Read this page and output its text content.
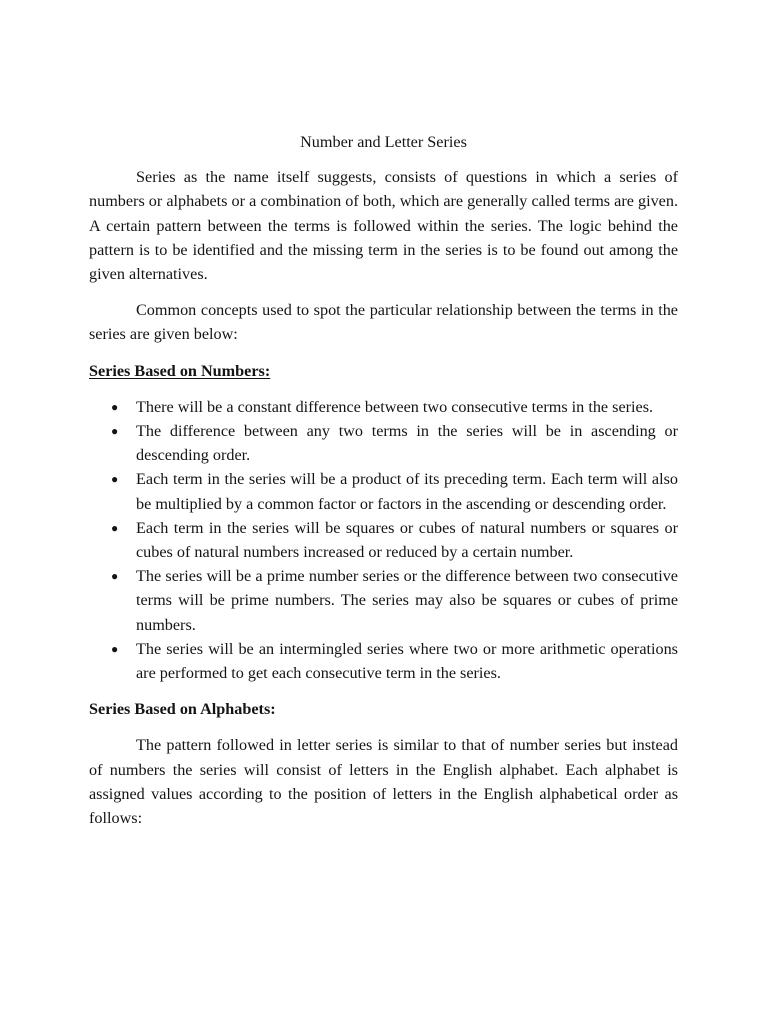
Number and Letter Series

Series as the name itself suggests, consists of questions in which a series of numbers or alphabets or a combination of both, which are generally called terms are given. A certain pattern between the terms is followed within the series. The logic behind the pattern is to be identified and the missing term in the series is to be found out among the given alternatives.

Common concepts used to spot the particular relationship between the terms in the series are given below:

Series Based on Numbers:
● There will be a constant difference between two consecutive terms in the series.
● The difference between any two terms in the series will be in ascending or descending order.
● Each term in the series will be a product of its preceding term. Each term will also be multiplied by a common factor or factors in the ascending or descending order.
● Each term in the series will be squares or cubes of natural numbers or squares or cubes of natural numbers increased or reduced by a certain number.
● The series will be a prime number series or the difference between two consecutive terms will be prime numbers. The series may also be squares or cubes of prime numbers.
● The series will be an intermingled series where two or more arithmetic operations are performed to get each consecutive term in the series.
Series Based on Alphabets:

The pattern followed in letter series is similar to that of number series but instead of numbers the series will consist of letters in the English alphabet. Each alphabet is assigned values according to the position of letters in the English alphabetical order as follows:
